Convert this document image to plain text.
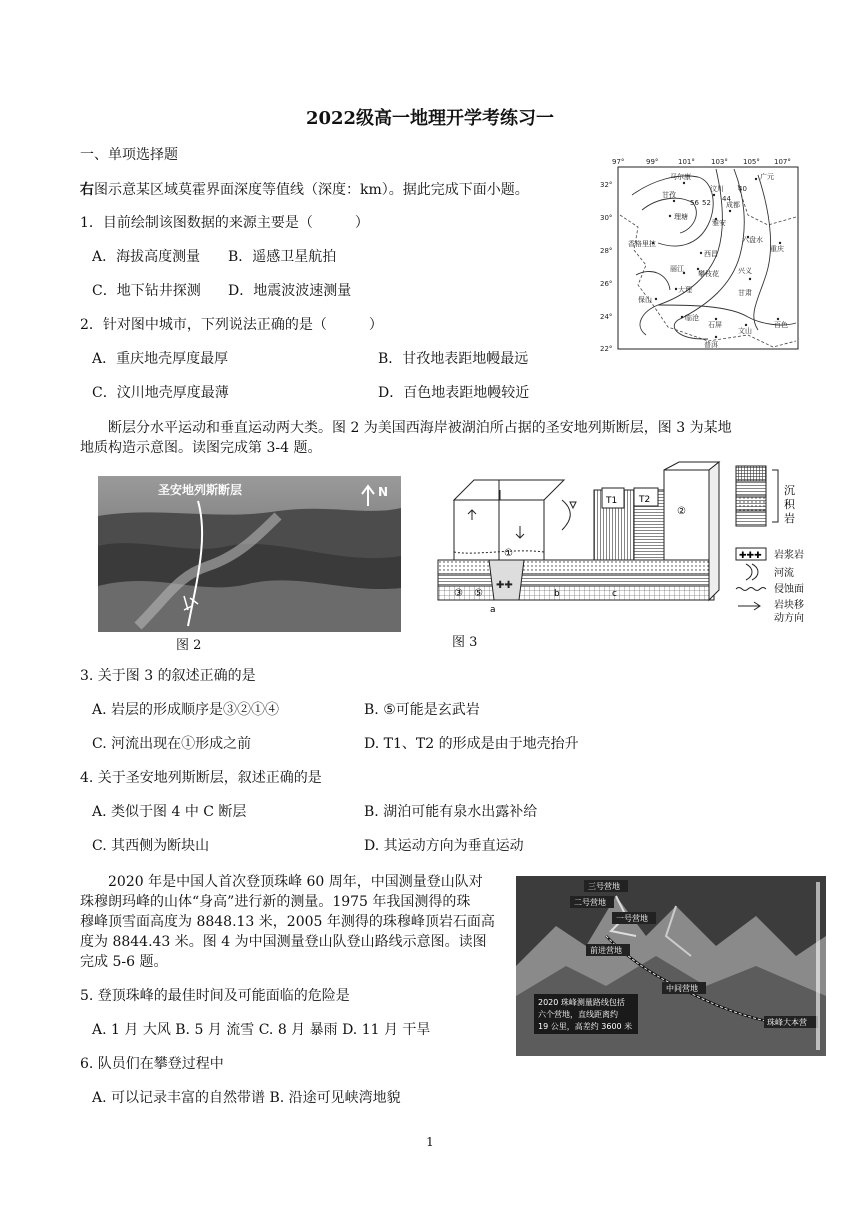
2022级高一地理开学考练习一
一、单项选择题
右图示意某区域莫霍界面深度等值线（深度：km）。据此完成下面小题。
1．目前绘制该图数据的来源主要是（　　　）
A．海拔高度测量 B．遥感卫星航拍
C．地下钻井探测 D．地震波波速测量
2．针对图中城市，下列说法正确的是（　　　）
A．重庆地壳厚度最厚	B．甘孜地表距地幔最远
C．汶川地壳厚度最薄	D．百色地表距地幔较近
97°	99°	101° 103° 105° 107°
32°
30°
28°
26°
24°
22°
56 52 44
40
甘孜
理塘
香格里拉
西昌
攀枝花
丽江
大理
保山
临沧
普洱
石屏
文山
百色
重庆
成都
雅安
汶川
广元
六盘水
兴义
马尔康
甘肃
断层分水平运动和垂直运动两大类。图 2 为美国西海岸被湖泊所占据的圣安地列斯断层，图 3 为某地
地质构造示意图。读图完成第 3-4 题。
圣安地列斯断层	N
图 2
✚✚
T1 T2
①
②
③ ⑤
a
b	c
沉
积
岩
✚✚✚ 岩浆岩
河流
侵蚀面
岩块移
动方向
图 3
3. 关于图 3 的叙述正确的是
A. 岩层的形成顺序是③②①④	B. ⑤可能是玄武岩
C. 河流出现在①形成之前	D. T1、T2 的形成是由于地壳抬升
4. 关于圣安地列斯断层，叙述正确的是
A. 类似于图 4 中 C 断层	B. 湖泊可能有泉水出露补给
C. 其西侧为断块山	D. 其运动方向为垂直运动
2020 年是中国人首次登顶珠峰 60 周年，中国测量登山队对
珠穆朗玛峰的山体“身高”进行新的测量。1975 年我国测得的珠
穆峰顶雪面高度为 8848.13 米，2005 年测得的珠穆峰顶岩石面高
度为 8844.43 米。图 4 为中国测量登山队登山路线示意图。读图
完成 5-6 题。
三号营地
二号营地
一号营地
前进营地
中间营地
珠峰大本营
2020 珠峰测量路线包括
六个营地，直线距离约
19 公里，高差约 3600 米
5. 登顶珠峰的最佳时间及可能面临的危险是
A. 1 月 大风 B. 5 月 流雪 C. 8 月 暴雨 D. 11 月 干旱
6. 队员们在攀登过程中
A. 可以记录丰富的自然带谱 B. 沿途可见峡湾地貌
1
